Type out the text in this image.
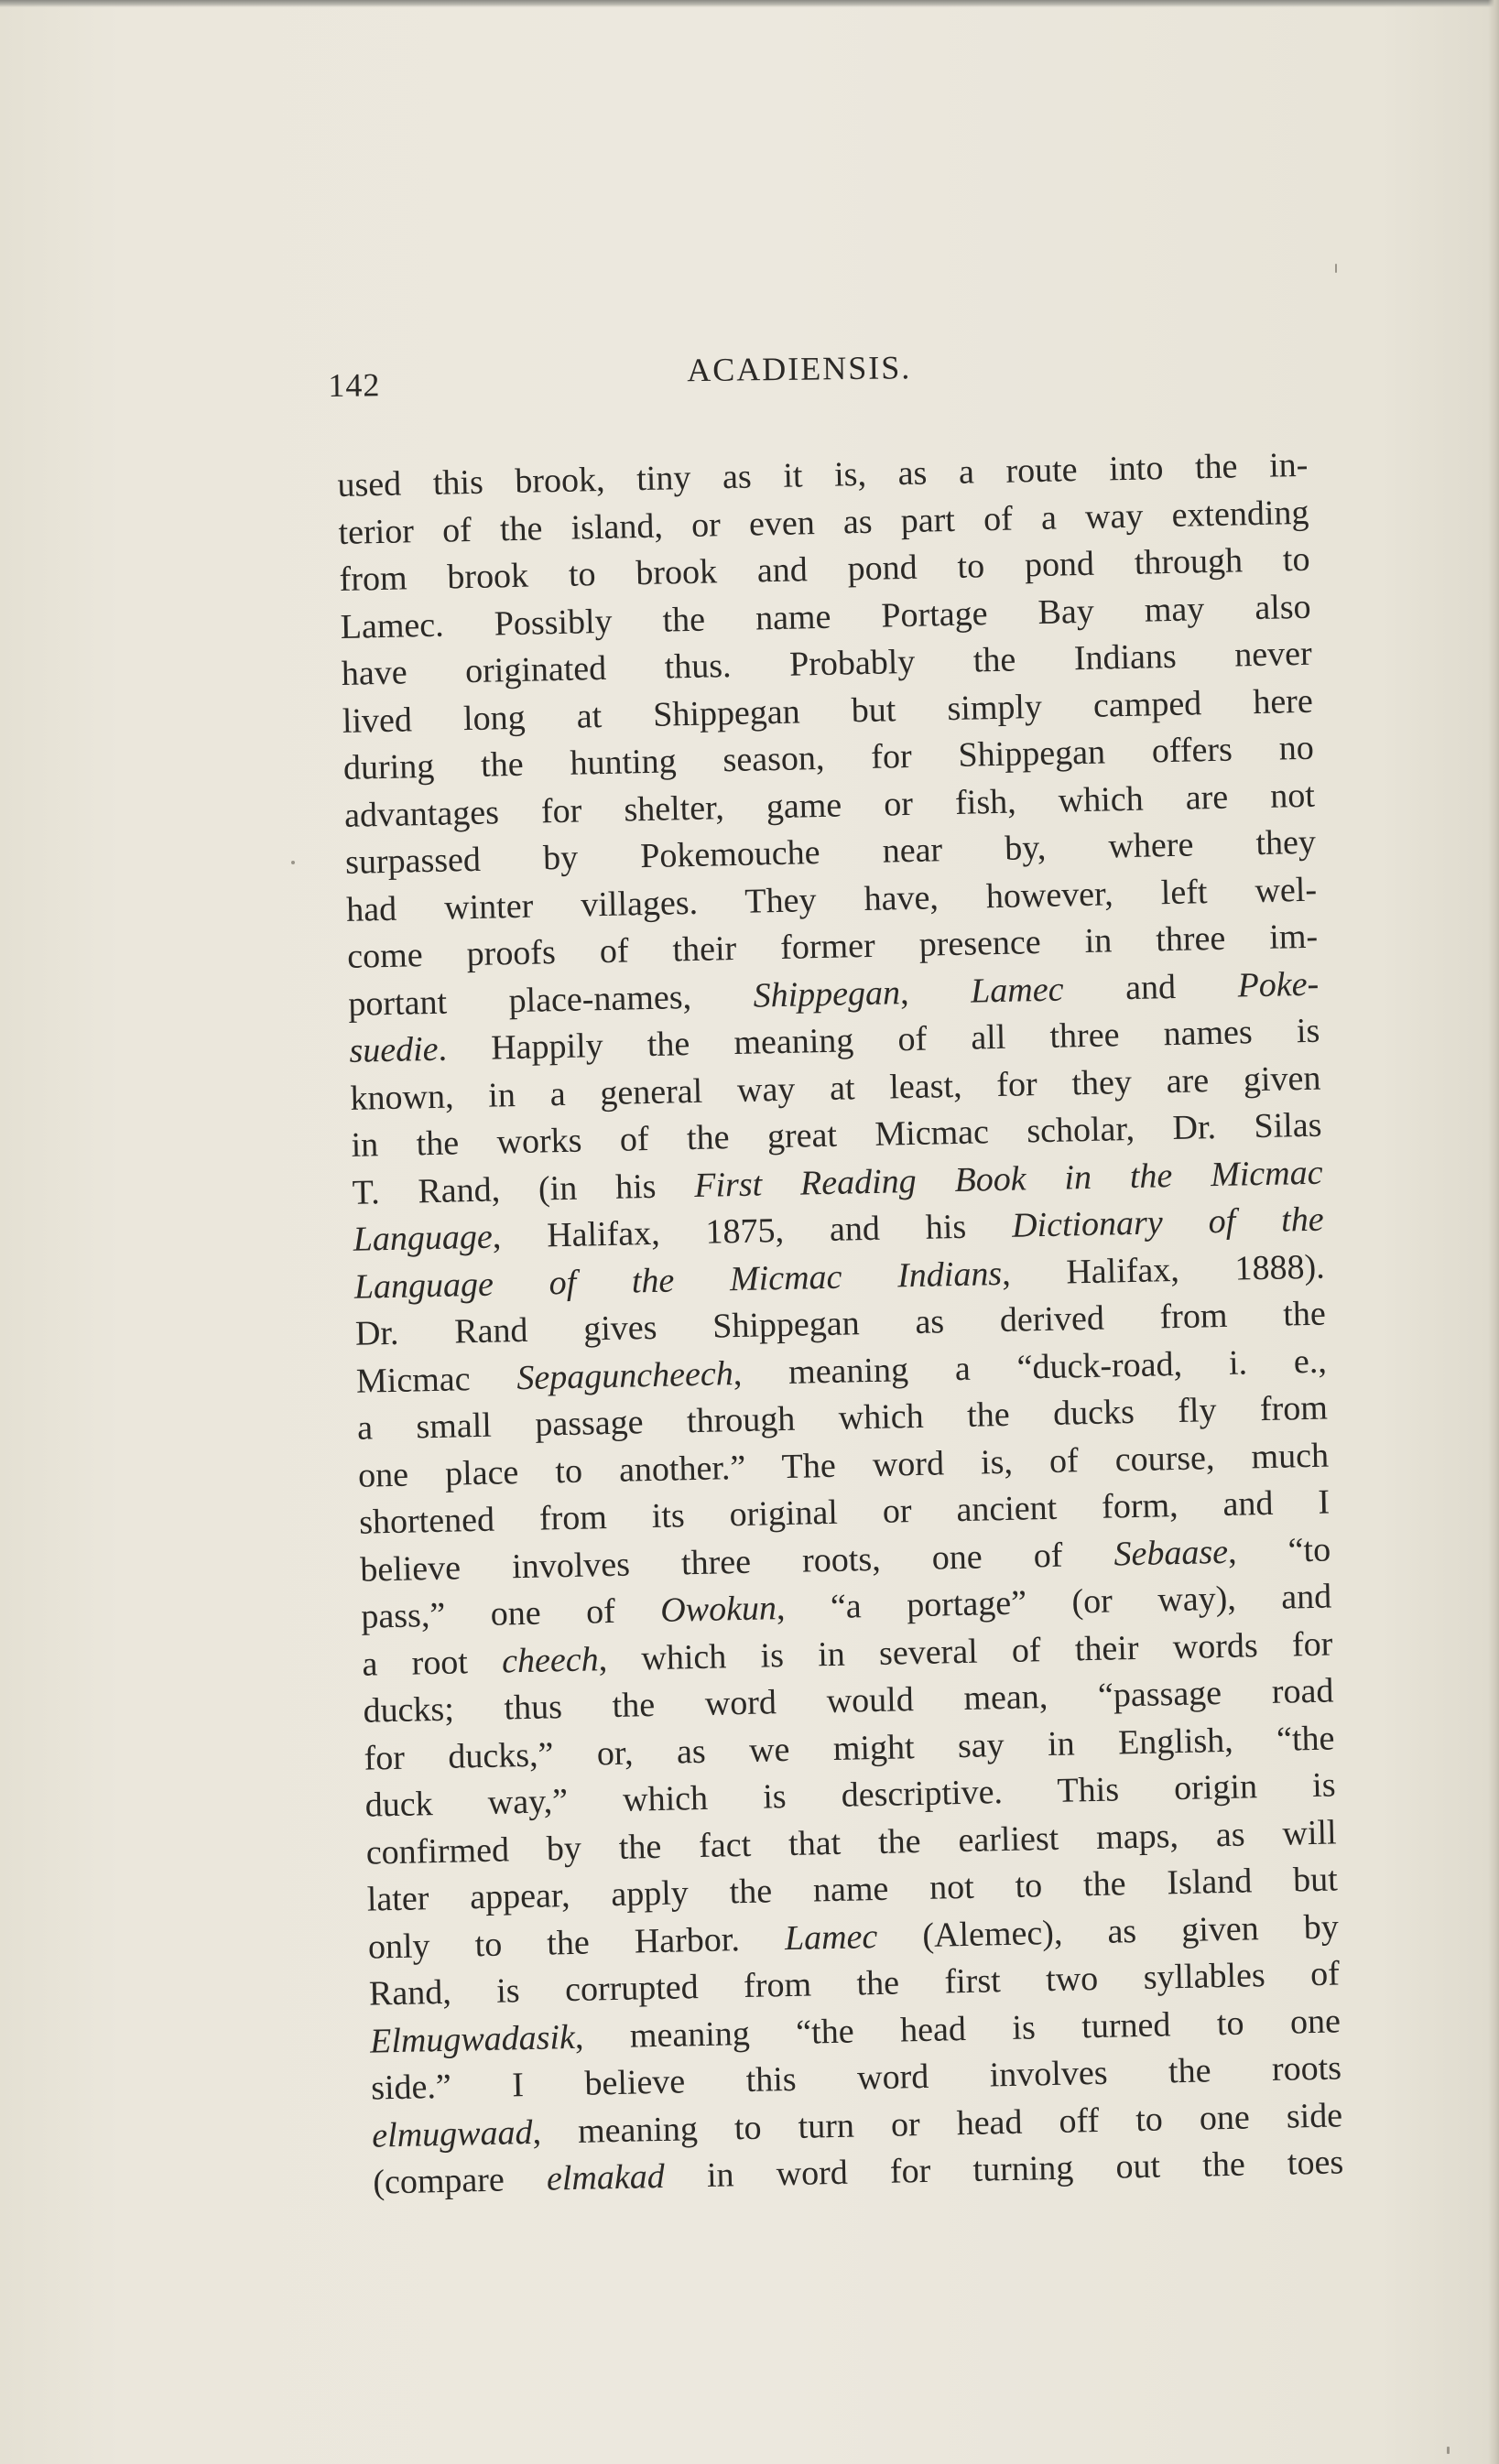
142	ACADIENSIS.
used this brook, tiny as it is, as a route into the in-
terior of the island, or even as part of a way extending
from brook to brook and pond to pond through to
Lamec. Possibly the name Portage Bay may also
have originated thus. Probably the Indians never
lived long at Shippegan but simply camped here
during the hunting season, for Shippegan offers no
advantages for shelter, game or fish, which are not
surpassed by Pokemouche near by, where they
had winter villages. They have, however, left wel-
come proofs of their former presence in three im-
portant place-names, Shippegan, Lamec and Poke-
suedie. Happily the meaning of all three names is
known, in a general way at least, for they are given
in the works of the great Micmac scholar, Dr. Silas
T. Rand, (in his First Reading Book in the Micmac
Language, Halifax, 1875, and his Dictionary of the
Language of the Micmac Indians, Halifax, 1888).
Dr. Rand gives Shippegan as derived from the
Micmac Sepaguncheech, meaning a “duck-road, i. e.,
a small passage through which the ducks fly from
one place to another.” The word is, of course, much
shortened from its original or ancient form, and I
believe involves three roots, one of Sebaase, “to
pass,” one of Owokun, “a portage” (or way), and
a root cheech, which is in several of their words for
ducks; thus the word would mean, “passage road
for ducks,” or, as we might say in English, “the
duck way,” which is descriptive. This origin is
confirmed by the fact that the earliest maps, as will
later appear, apply the name not to the Island but
only to the Harbor. Lamec (Alemec), as given by
Rand, is corrupted from the first two syllables of
Elmugwadasik, meaning “the head is turned to one
side.” I believe this word involves the roots
elmugwaad, meaning to turn or head off to one side
(compare elmakad in word for turning out the toes
